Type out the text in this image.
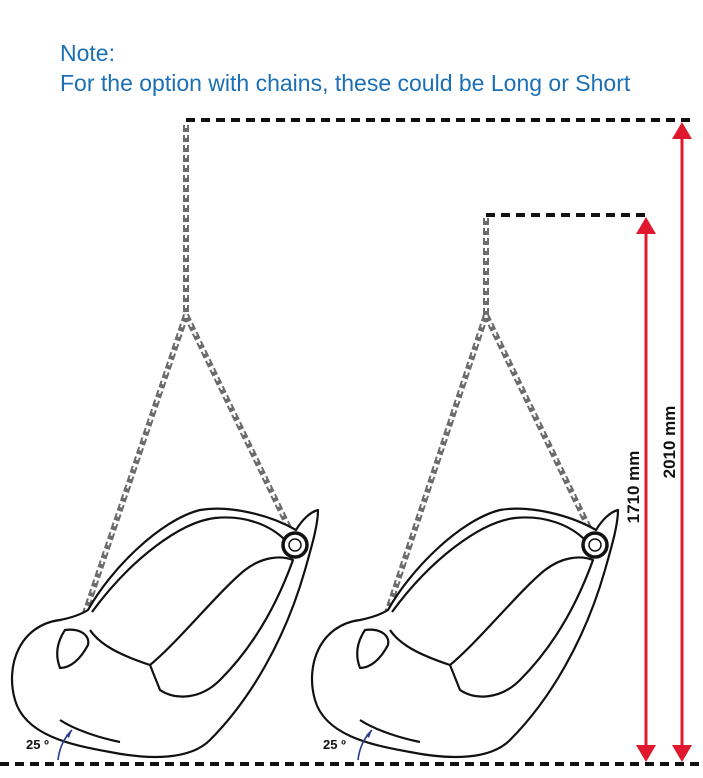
Note:
For the option with chains, these could be Long or Short
25 º	25 º
1710 mm
2010 mm
